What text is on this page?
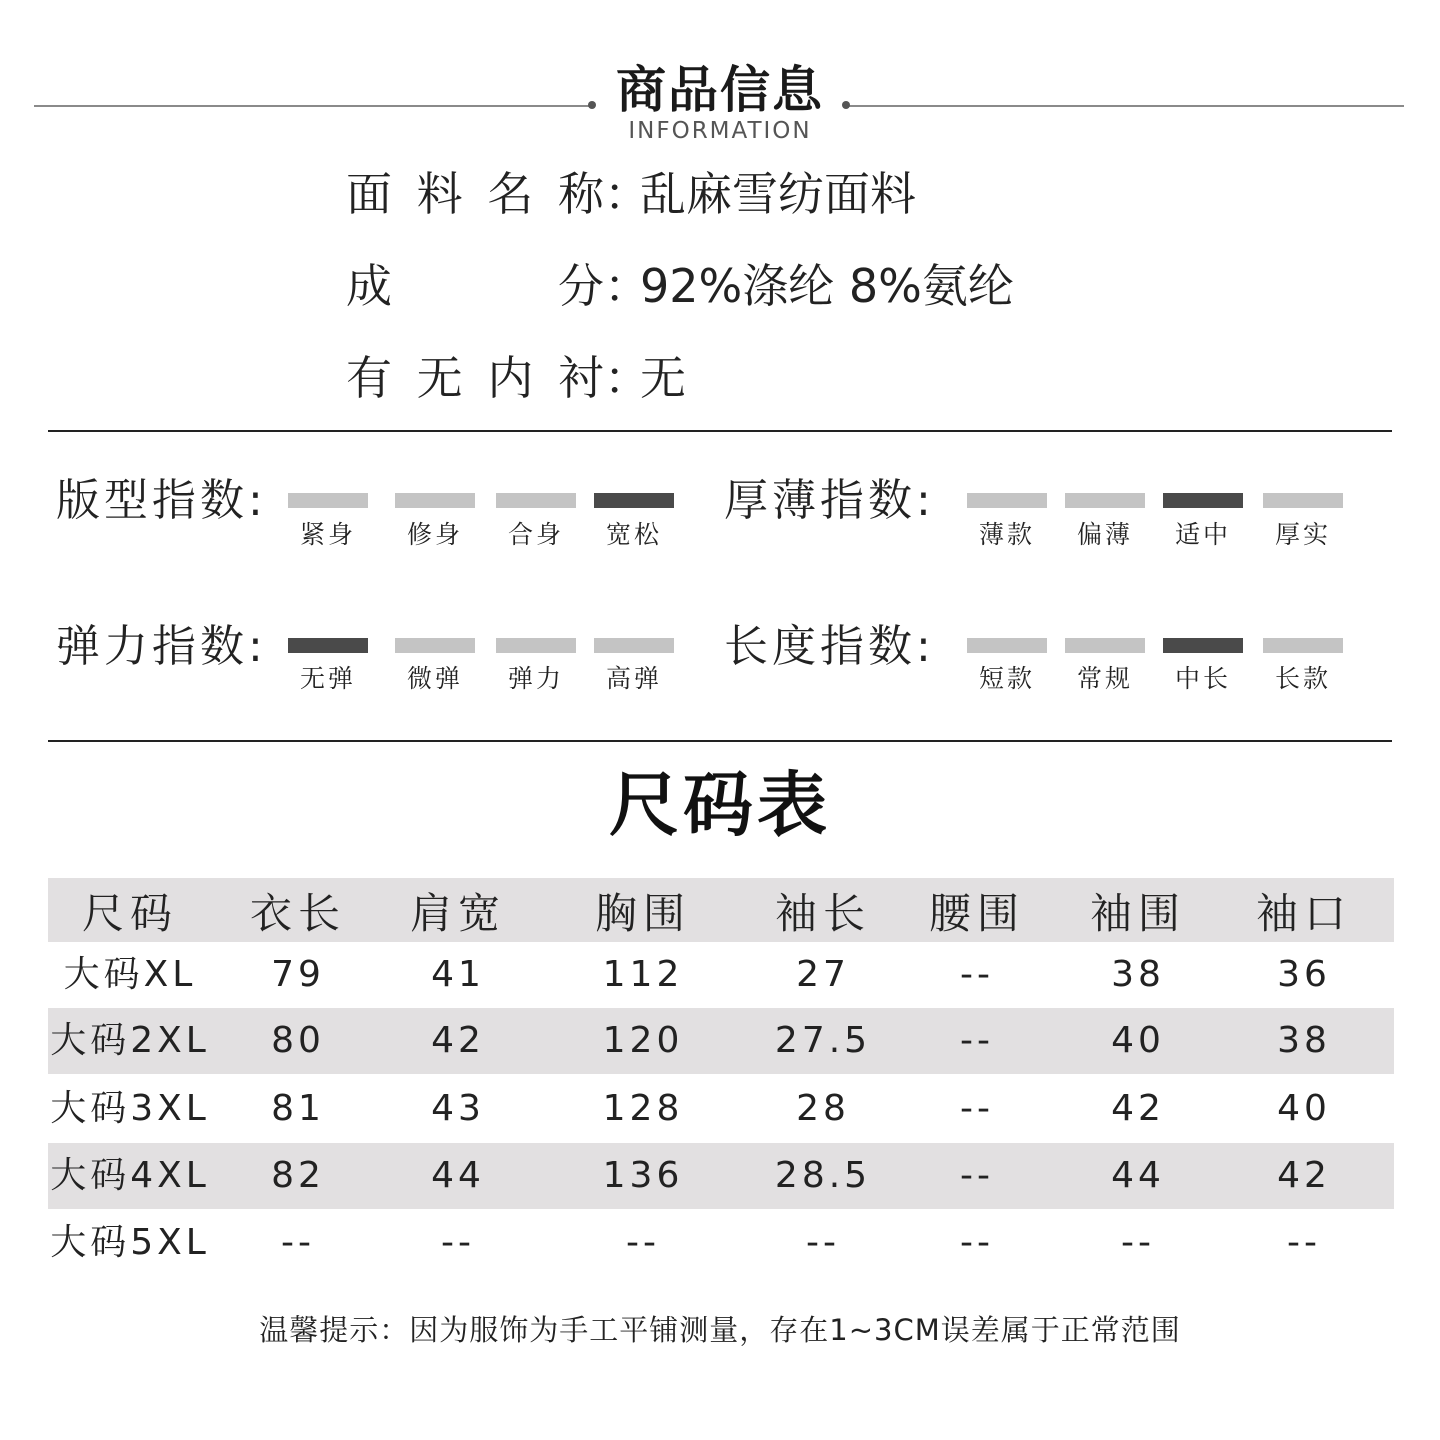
商品信息
INFORMATION
面料名称：乱麻雪纺面料
成分：92%涤纶 8%氨纶
有无内衬：无
版型指数:
紧身	修身	合身	宽松
厚薄指数:
薄款	偏薄	适中	厚实
弹力指数:
无弹	微弹	弹力	高弹
长度指数:
短款	常规	中长	长款
尺码表
尺码	衣长	肩宽	胸围	袖长	腰围	袖围	袖口
大码XL	79	41	112	27	--	38	36
大码2XL	80	42	120	27.5	--	40	38
大码3XL	81	43	128	28	--	42	40
大码4XL	82	44	136	28.5	--	44	42
大码5XL	--	--	--	--	--	--	--
温馨提示：因为服饰为手工平铺测量，存在1~3CM误差属于正常范围
